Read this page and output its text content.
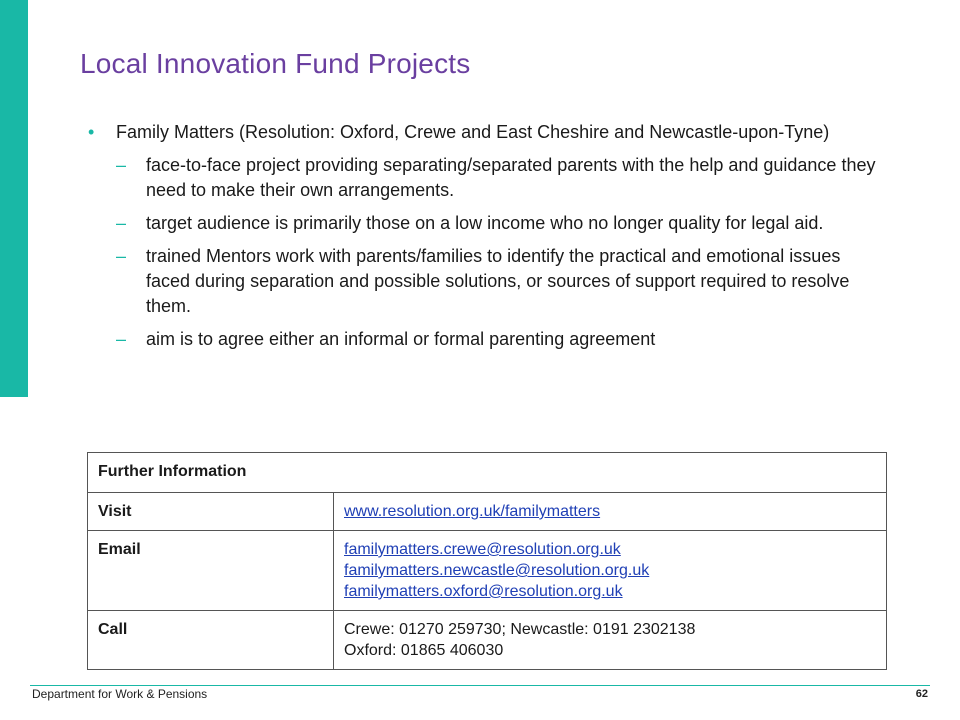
Local Innovation Fund Projects
• Family Matters (Resolution: Oxford, Crewe and East Cheshire and Newcastle-upon-Tyne)
– face-to-face project providing separating/separated parents with the help and guidance they need to make their own arrangements.
– target audience is primarily those on a low income who no longer quality for legal aid.
– trained Mentors work with parents/families to identify the practical and emotional issues faced during separation and possible solutions, or sources of support required to resolve them.
– aim is to agree either an informal or formal parenting agreement
Further Information	
Visit	www.resolution.org.uk/familymatters
Email	familymatters.crewe@resolution.org.uk
familymatters.newcastle@resolution.org.uk
familymatters.oxford@resolution.org.uk
Call	Crewe: 01270 259730; Newcastle: 0191 2302138
Oxford: 01865 406030
Department for Work & Pensions	62
